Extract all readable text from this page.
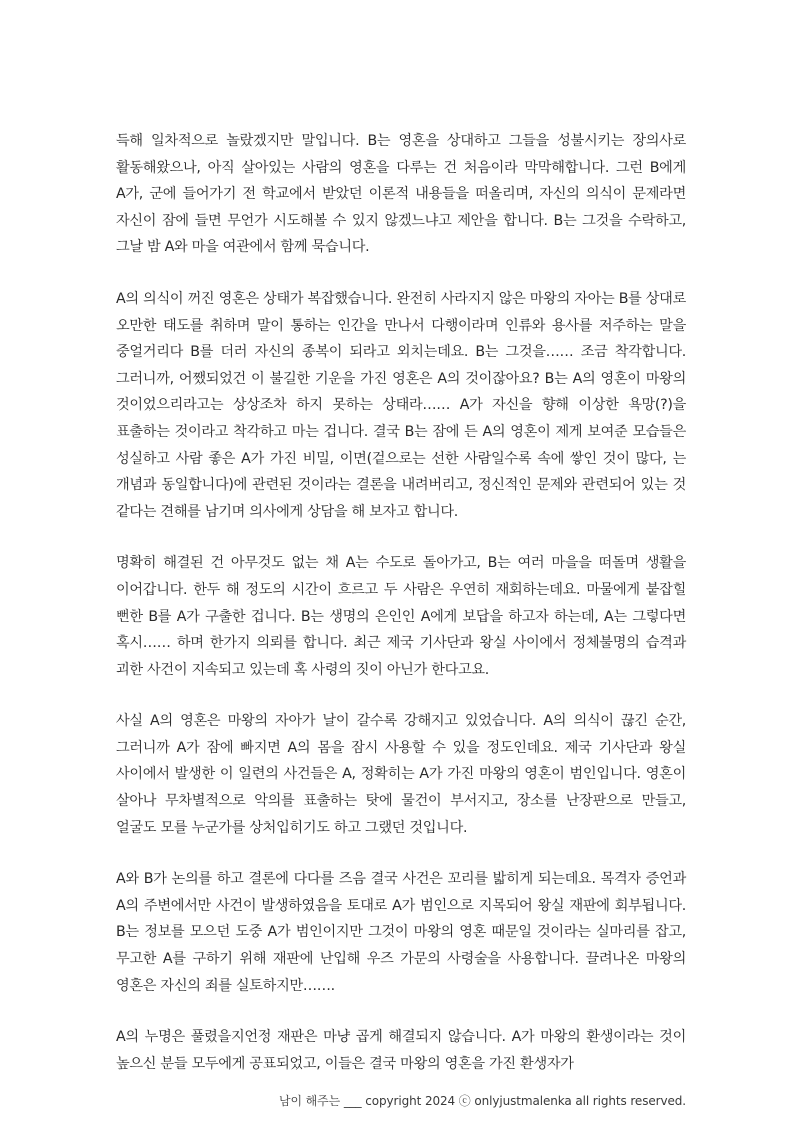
득해 일차적으로 놀랐겠지만 말입니다. B는 영혼을 상대하고 그들을 성불시키는 장의사로 활동해왔으나, 아직 살아있는 사람의 영혼을 다루는 건 처음이라 막막해합니다. 그런 B에게 A가, 군에 들어가기 전 학교에서 받았던 이론적 내용들을 떠올리며, 자신의 의식이 문제라면 자신이 잠에 들면 무언가 시도해볼 수 있지 않겠느냐고 제안을 합니다. B는 그것을 수락하고, 그날 밤 A와 마을 여관에서 함께 묵습니다.

A의 의식이 꺼진 영혼은 상태가 복잡했습니다. 완전히 사라지지 않은 마왕의 자아는 B를 상대로 오만한 태도를 취하며 말이 통하는 인간을 만나서 다행이라며 인류와 용사를 저주하는 말을 중얼거리다 B를 더러 자신의 종복이 되라고 외치는데요. B는 그것을…… 조금 착각합니다. 그러니까, 어쨌되었건 이 불길한 기운을 가진 영혼은 A의 것이잖아요? B는 A의 영혼이 마왕의 것이었으리라고는 상상조차 하지 못하는 상태라…… A가 자신을 향해 이상한 욕망(?)을 표출하는 것이라고 착각하고 마는 겁니다. 결국 B는 잠에 든 A의 영혼이 제게 보여준 모습들은 성실하고 사람 좋은 A가 가진 비밀, 이면(겉으로는 선한 사람일수록 속에 쌓인 것이 많다, 는 개념과 동일합니다)에 관련된 것이라는 결론을 내려버리고, 정신적인 문제와 관련되어 있는 것 같다는 견해를 남기며 의사에게 상담을 해 보자고 합니다.

명확히 해결된 건 아무것도 없는 채 A는 수도로 돌아가고, B는 여러 마을을 떠돌며 생활을 이어갑니다. 한두 해 정도의 시간이 흐르고 두 사람은 우연히 재회하는데요. 마물에게 붙잡힐 뻔한 B를 A가 구출한 겁니다. B는 생명의 은인인 A에게 보답을 하고자 하는데, A는 그렇다면 혹시…… 하며 한가지 의뢰를 합니다. 최근 제국 기사단과 왕실 사이에서 정체불명의 습격과 괴한 사건이 지속되고 있는데 혹 사령의 짓이 아닌가 한다고요.

사실 A의 영혼은 마왕의 자아가 날이 갈수록 강해지고 있었습니다. A의 의식이 끊긴 순간, 그러니까 A가 잠에 빠지면 A의 몸을 잠시 사용할 수 있을 정도인데요. 제국 기사단과 왕실 사이에서 발생한 이 일련의 사건들은 A, 정확히는 A가 가진 마왕의 영혼이 범인입니다. 영혼이 살아나 무차별적으로 악의를 표출하는 탓에 물건이 부서지고, 장소를 난장판으로 만들고, 얼굴도 모를 누군가를 상처입히기도 하고 그랬던 것입니다.

A와 B가 논의를 하고 결론에 다다를 즈음 결국 사건은 꼬리를 밟히게 되는데요. 목격자 증언과 A의 주변에서만 사건이 발생하였음을 토대로 A가 범인으로 지목되어 왕실 재판에 회부됩니다. B는 정보를 모으던 도중 A가 범인이지만 그것이 마왕의 영혼 때문일 것이라는 실마리를 잡고, 무고한 A를 구하기 위해 재판에 난입해 우즈 가문의 사령술을 사용합니다. 끌려나온 마왕의 영혼은 자신의 죄를 실토하지만…….

A의 누명은 풀렸을지언정 재판은 마냥 곱게 해결되지 않습니다. A가 마왕의 환생이라는 것이 높으신 분들 모두에게 공표되었고, 이들은 결국 마왕의 영혼을 가진 환생자가

남이 해주는 ___ copyright 2024 ⓒ onlyjustmalenka all rights reserved.
